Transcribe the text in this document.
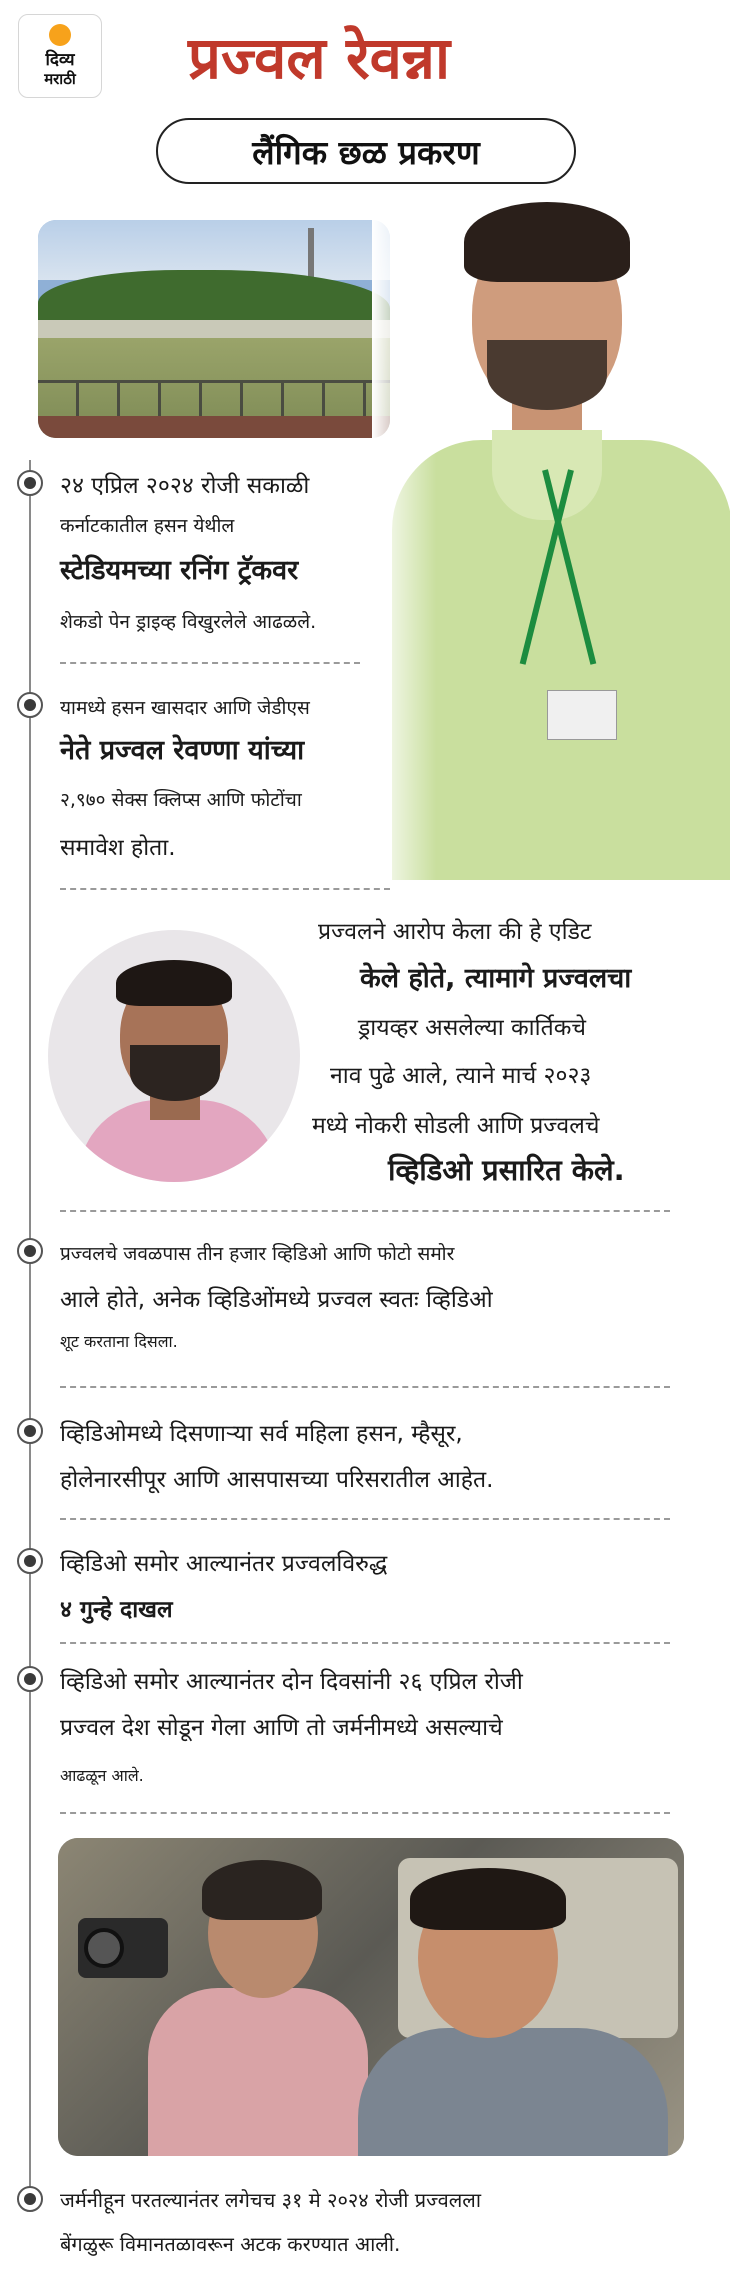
दिव्य
मराठी प्रज्वल रेवन्ना
लैंगिक छळ प्रकरण
२४ एप्रिल २०२४ रोजी सकाळी
कर्नाटकातील हसन येथील
स्टेडियमच्या रनिंग ट्रॅकवर
शेकडो पेन ड्राइव्ह विखुरलेले आढळले.
यामध्ये हसन खासदार आणि जेडीएस
नेते प्रज्वल रेवण्णा यांच्या
२,९७० सेक्स क्लिप्स आणि फोटोंचा
समावेश होता.
प्रज्वलने आरोप केला की हे एडिट
केले होते, त्यामागे प्रज्वलचा
ड्रायव्हर असलेल्या कार्तिकचे
नाव पुढे आले, त्याने मार्च २०२३
मध्ये नोकरी सोडली आणि प्रज्वलचे
व्हिडिओ प्रसारित केले.
प्रज्वलचे जवळपास तीन हजार व्हिडिओ आणि फोटो समोर
आले होते, अनेक व्हिडिओंमध्ये प्रज्वल स्वतः व्हिडिओ
शूट करताना दिसला.
व्हिडिओमध्ये दिसणाऱ्या सर्व महिला हसन, म्हैसूर,
होलेनारसीपूर आणि आसपासच्या परिसरातील आहेत.
व्हिडिओ समोर आल्यानंतर प्रज्वलविरुद्ध
४ गुन्हे दाखल
व्हिडिओ समोर आल्यानंतर दोन दिवसांनी २६ एप्रिल रोजी
प्रज्वल देश सोडून गेला आणि तो जर्मनीमध्ये असल्याचे
आढळून आले.
जर्मनीहून परतल्यानंतर लगेचच ३१ मे २०२४ रोजी प्रज्वलला
बेंगळुरू विमानतळावरून अटक करण्यात आली.
